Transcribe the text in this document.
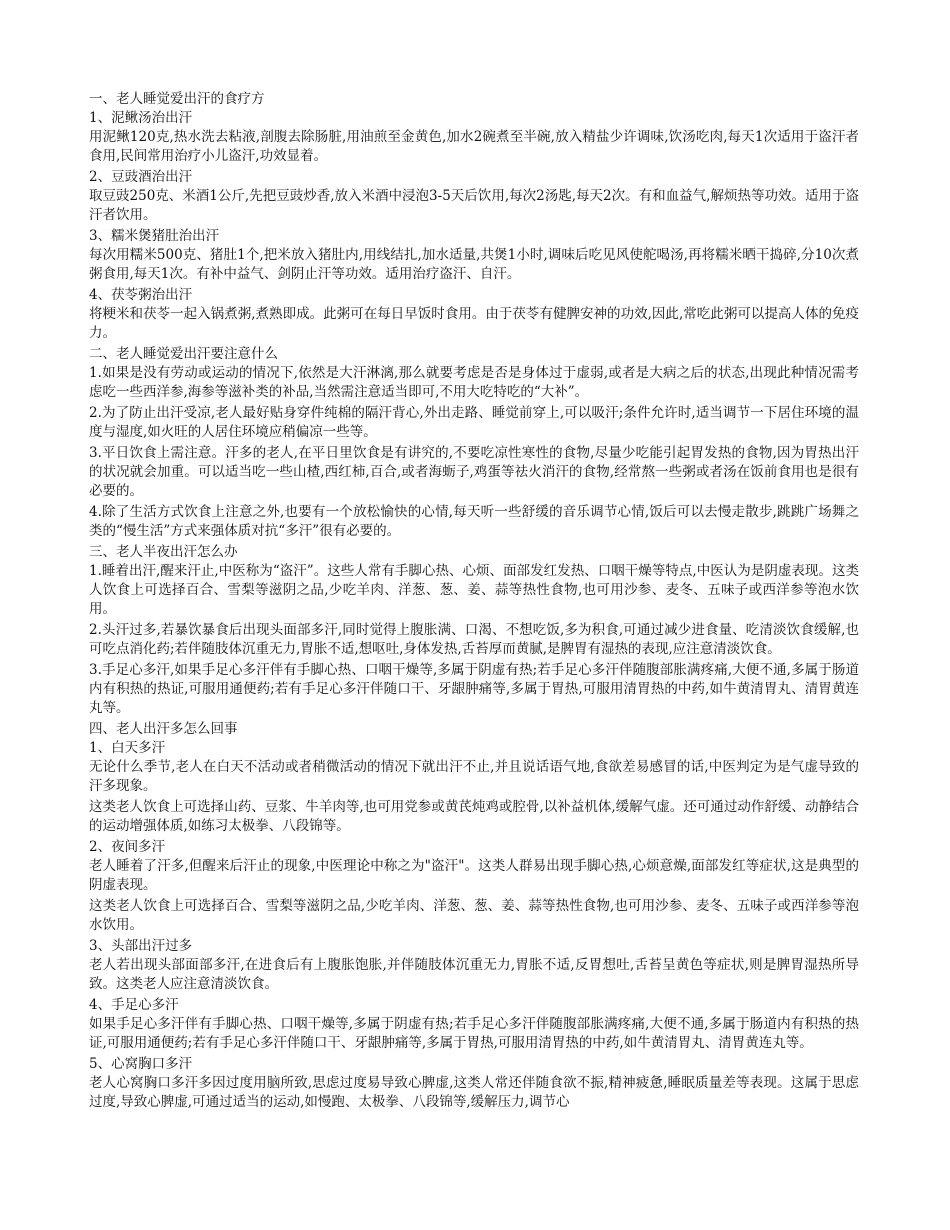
一、老人睡觉爱出汗的食疗方

1、泥鳅汤治出汗

用泥鳅120克,热水洗去粘液,剖腹去除肠脏,用油煎至金黄色,加水2碗煮至半碗,放入精盐少许调味,饮汤吃肉,每天1次适用于盗汗者食用,民间常用治疗小儿盗汗,功效显着。

2、豆豉酒治出汗

取豆豉250克、米酒1公斤,先把豆豉炒香,放入米酒中浸泡3-5天后饮用,每次2汤匙,每天2次。有和血益气,解烦热等功效。适用于盗汗者饮用。

3、糯米煲猪肚治出汗

每次用糯米500克、猪肚1个,把米放入猪肚内,用线结扎,加水适量,共煲1小时,调味后吃见风使舵喝汤,再将糯米晒干捣碎,分10次煮粥食用,每天1次。有补中益气、剑阴止汗等功效。适用治疗盗汗、自汗。

4、茯苓粥治出汗

将粳米和茯苓一起入锅煮粥,煮熟即成。此粥可在每日早饭时食用。由于茯苓有健脾安神的功效,因此,常吃此粥可以提高人体的免疫力。

二、老人睡觉爱出汗要注意什么

1.如果是没有劳动或运动的情况下,依然是大汗淋漓,那么就要考虑是否是身体过于虚弱,或者是大病之后的状态,出现此种情况需考虑吃一些西洋参,海参等滋补类的补品,当然需注意适当即可,不用大吃特吃的“大补”。

2.为了防止出汗受凉,老人最好贴身穿件纯棉的隔汗背心,外出走路、睡觉前穿上,可以吸汗;条件允许时,适当调节一下居住环境的温度与湿度,如火旺的人居住环境应稍偏凉一些等。

3.平日饮食上需注意。汗多的老人,在平日里饮食是有讲究的,不要吃凉性寒性的食物,尽量少吃能引起胃发热的食物,因为胃热出汗的状况就会加重。可以适当吃一些山楂,西红柿,百合,或者海蛎子,鸡蛋等祛火消汗的食物,经常熬一些粥或者汤在饭前食用也是很有必要的。

4.除了生活方式饮食上注意之外,也要有一个放松愉快的心情,每天听一些舒缓的音乐调节心情,饭后可以去慢走散步,跳跳广场舞之类的“慢生活”方式来强体质对抗“多汗”很有必要的。

三、老人半夜出汗怎么办

1.睡着出汗,醒来汗止,中医称为“盗汗”。这些人常有手脚心热、心烦、面部发红发热、口咽干燥等特点,中医认为是阴虚表现。这类人饮食上可选择百合、雪梨等滋阴之品,少吃羊肉、洋葱、葱、姜、蒜等热性食物,也可用沙参、麦冬、五味子或西洋参等泡水饮用。

2.头汗过多,若暴饮暴食后出现头面部多汗,同时觉得上腹胀满、口渴、不想吃饭,多为积食,可通过减少进食量、吃清淡饮食缓解,也可吃点消化药;若伴随肢体沉重无力,胃胀不适,想呕吐,身体发热,舌苔厚而黄腻,是脾胃有湿热的表现,应注意清淡饮食。

3.手足心多汗,如果手足心多汗伴有手脚心热、口咽干燥等,多属于阴虚有热;若手足心多汗伴随腹部胀满疼痛,大便不通,多属于肠道内有积热的热证,可服用通便药;若有手足心多汗伴随口干、牙龈肿痛等,多属于胃热,可服用清胃热的中药,如牛黄清胃丸、清胃黄连丸等。

四、老人出汗多怎么回事

1、白天多汗

无论什么季节,老人在白天不活动或者稍微活动的情况下就出汗不止,并且说话语气地,食欲差易感冒的话,中医判定为是气虚导致的汗多现象。

这类老人饮食上可选择山药、豆浆、牛羊肉等,也可用党参或黄芪炖鸡或腔骨,以补益机体,缓解气虚。还可通过动作舒缓、动静结合的运动增强体质,如练习太极拳、八段锦等。

2、夜间多汗

老人睡着了汗多,但醒来后汗止的现象,中医理论中称之为"盗汗"。这类人群易出现手脚心热,心烦意燥,面部发红等症状,这是典型的阴虚表现。

这类老人饮食上可选择百合、雪梨等滋阴之品,少吃羊肉、洋葱、葱、姜、蒜等热性食物,也可用沙参、麦冬、五味子或西洋参等泡水饮用。

3、头部出汗过多

老人若出现头部面部多汗,在进食后有上腹胀饱胀,并伴随肢体沉重无力,胃胀不适,反胃想吐,舌苔呈黄色等症状,则是脾胃湿热所导致。这类老人应注意清淡饮食。

4、手足心多汗

如果手足心多汗伴有手脚心热、口咽干燥等,多属于阴虚有热;若手足心多汗伴随腹部胀满疼痛,大便不通,多属于肠道内有积热的热证,可服用通便药;若有手足心多汗伴随口干、牙龈肿痛等,多属于胃热,可服用清胃热的中药,如牛黄清胃丸、清胃黄连丸等。

5、心窝胸口多汗

老人心窝胸口多汗多因过度用脑所致,思虑过度易导致心脾虚,这类人常还伴随食欲不振,精神疲惫,睡眠质量差等表现。这属于思虑过度,导致心脾虚,可通过适当的运动,如慢跑、太极拳、八段锦等,缓解压力,调节心
